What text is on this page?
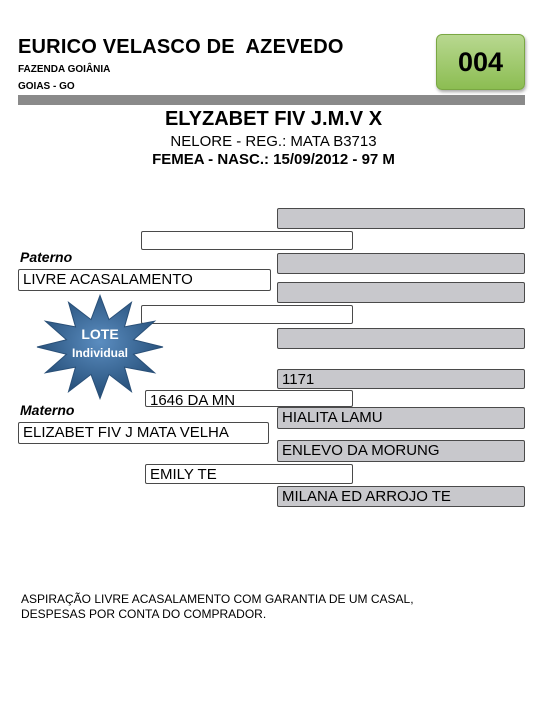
EURICO VELASCO DE  AZEVEDO
FAZENDA GOIÂNIA
GOIAS - GO
004
ELYZABET FIV J.M.V X
NELORE - REG.: MATA B3713
FEMEA - NASC.: 15/09/2012 - 97 M
Paterno
LIVRE ACASALAMENTO
LOTE
Individual
1171
1646 DA MN
Materno	HIALITA LAMU
ELIZABET FIV J MATA VELHA
ENLEVO DA MORUNG
EMILY TE
MILANA ED ARROJO TE
ASPIRAÇÃO LIVRE ACASALAMENTO COM GARANTIA DE UM CASAL,
DESPESAS POR CONTA DO COMPRADOR.
